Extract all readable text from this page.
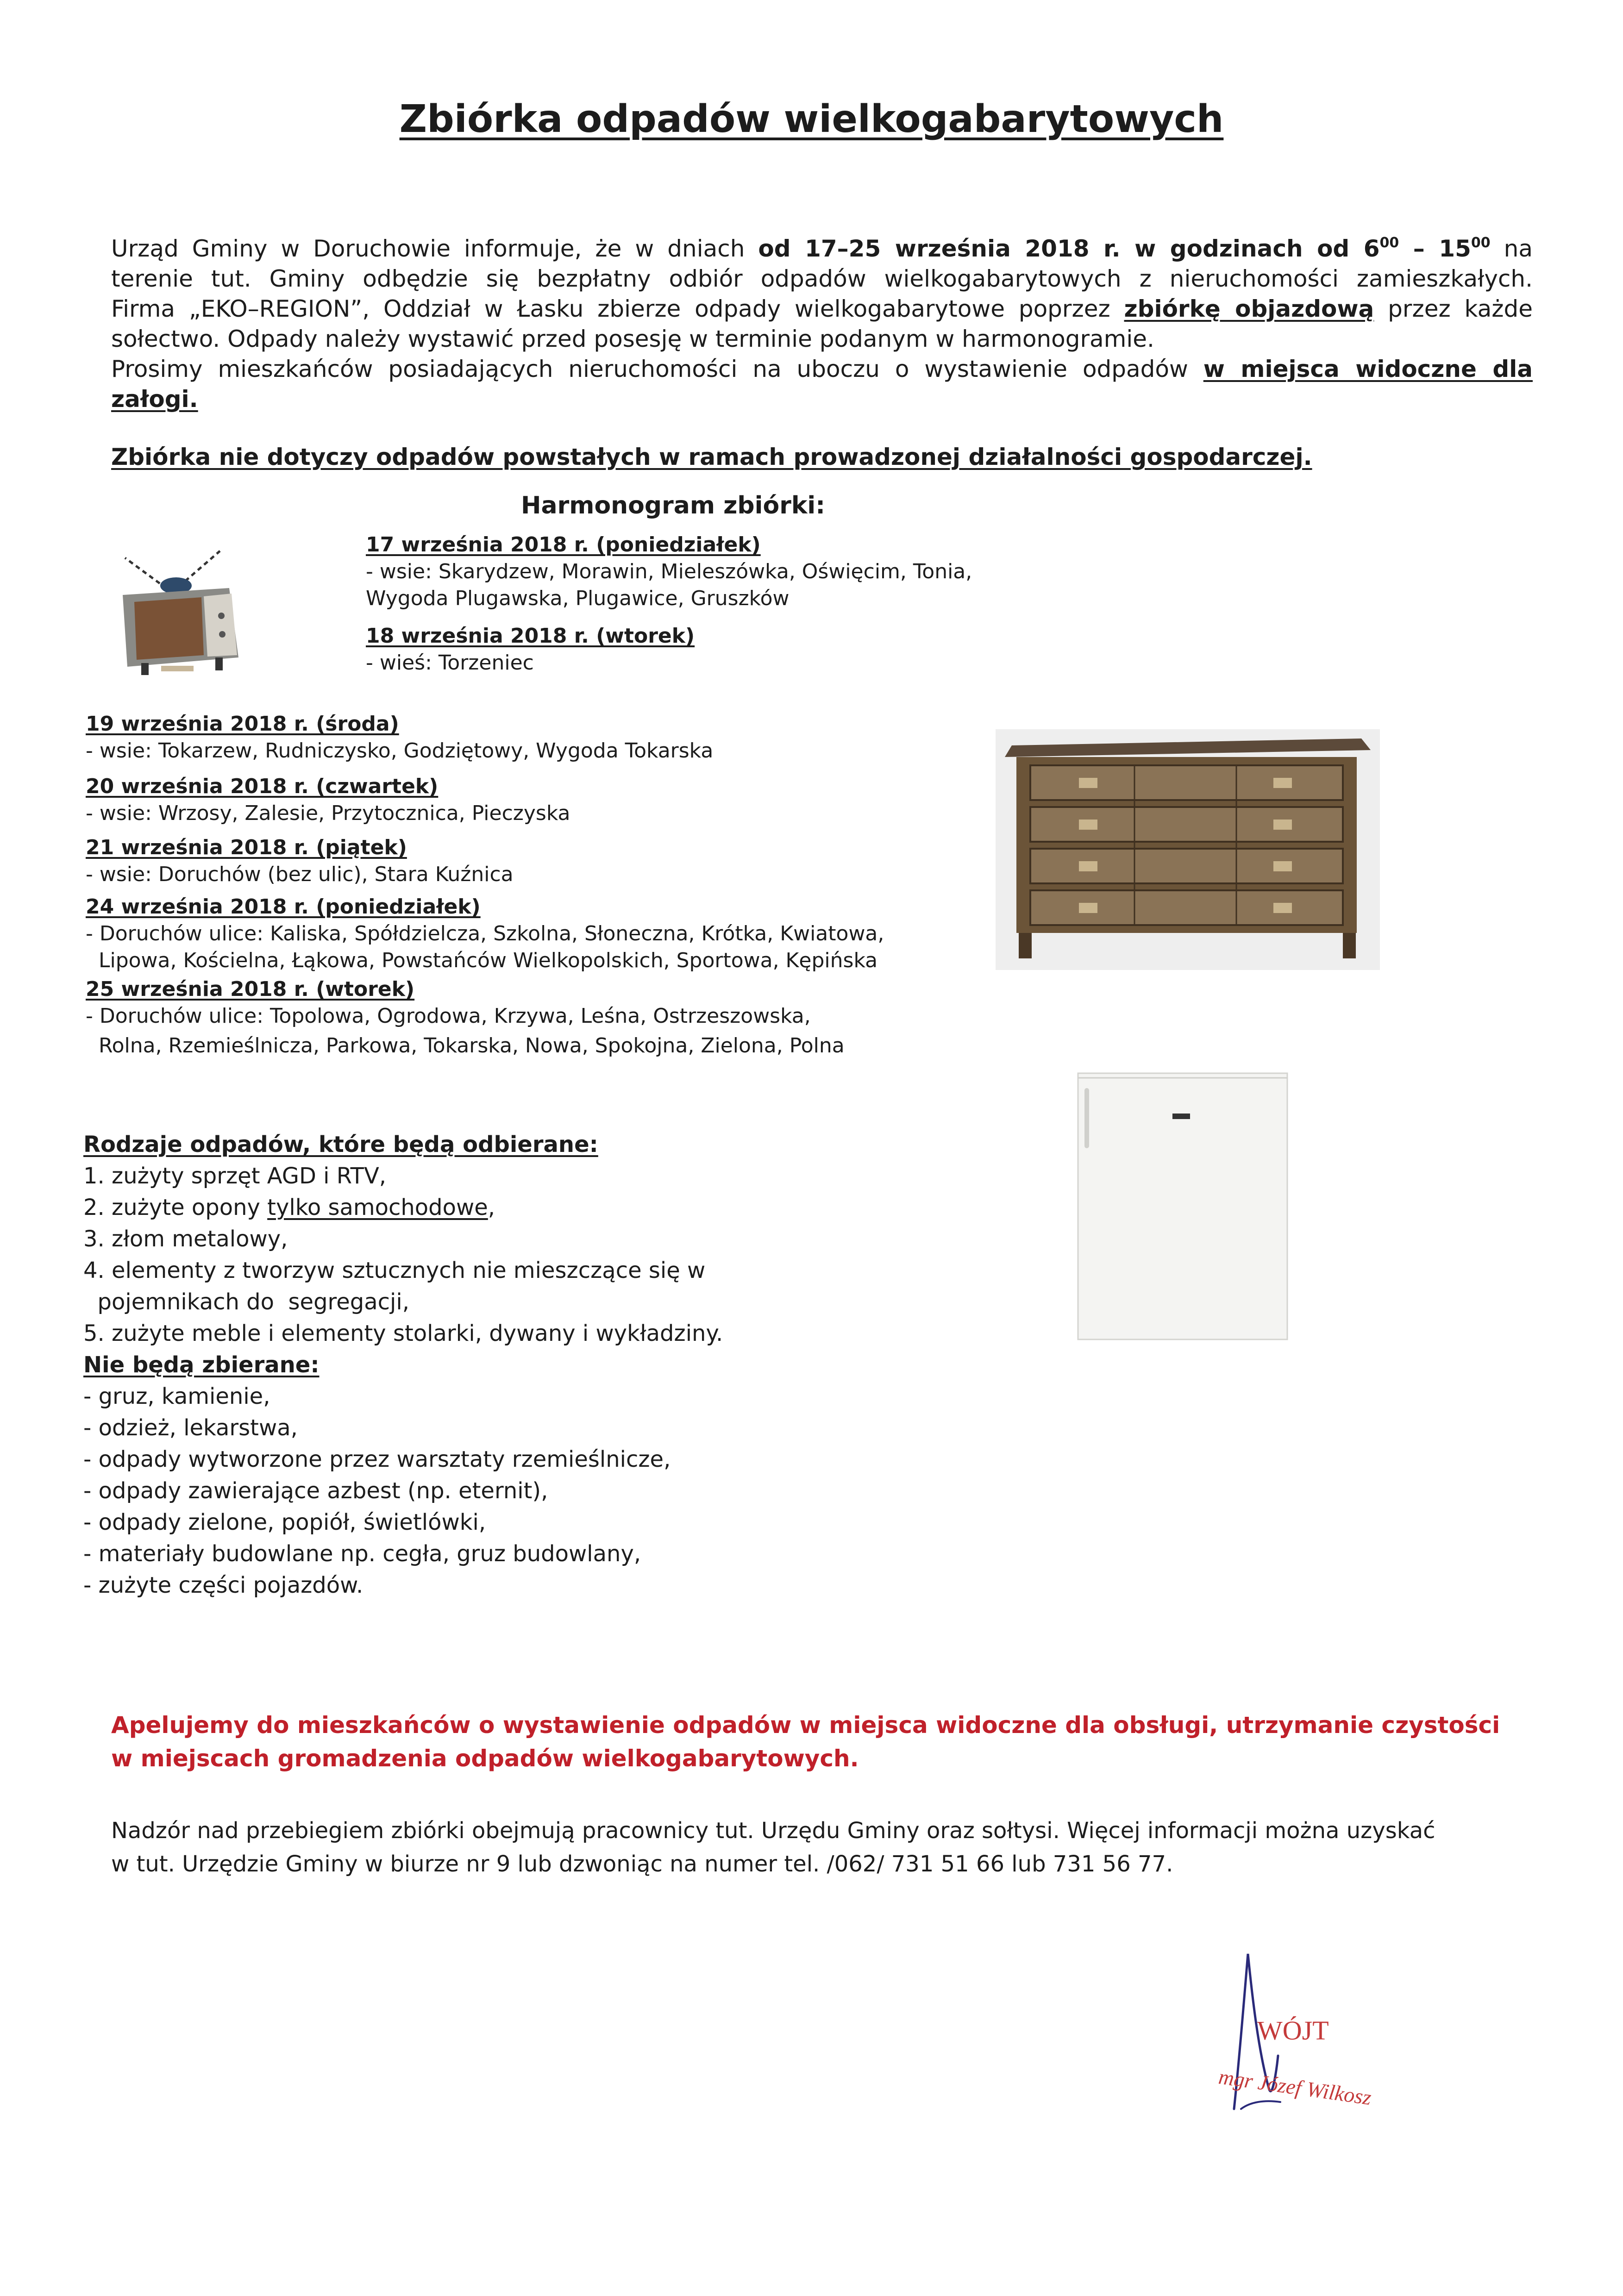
Zbiórka odpadów wielkogabarytowych

Urząd Gminy w Doruchowie informuje, że w dniach od 17–25 września 2018 r. w godzinach od $6^{00} - 15^{00}$ na

terenie tut. Gminy odbędzie się bezpłatny odbiór odpadów wielkogabarytowych z nieruchomości zamieszkałych.

Firma „EKO–REGION”, Oddział w Łasku zbierze odpady wielkogabarytowe poprzez zbiórkę objazdową przez każde

sołectwo. Odpady należy wystawić przed posesję w terminie podanym w harmonogramie.

Prosimy mieszkańców posiadających nieruchomości na uboczu o wystawienie odpadów w miejsca widoczne dla

załogi.

Zbiórka nie dotyczy odpadów powstałych w ramach prowadzonej działalności gospodarczej.
Harmonogram zbiórki:
17 września 2018 r. (poniedziałek)
- wsie: Skarydzew, Morawin, Mieleszówka, Oświęcim, Tonia,
Wygoda Plugawska, Plugawice, Gruszków
18 września 2018 r. (wtorek)
- wieś: Torzeniec
19 września 2018 r. (środa)
- wsie: Tokarzew, Rudniczysko, Godziętowy, Wygoda Tokarska
20 września 2018 r. (czwartek)
- wsie: Wrzosy, Zalesie, Przytocznica, Pieczyska
21 września 2018 r. (piątek)
- wsie: Doruchów (bez ulic), Stara Kuźnica
24 września 2018 r. (poniedziałek)
- Doruchów ulice: Kaliska, Spółdzielcza, Szkolna, Słoneczna, Krótka, Kwiatowa,
Lipowa, Kościelna, Łąkowa, Powstańców Wielkopolskich, Sportowa, Kępińska
25 września 2018 r. (wtorek)
- Doruchów ulice: Topolowa, Ogrodowa, Krzywa, Leśna, Ostrzeszowska,
Rolna, Rzemieślnicza, Parkowa, Tokarska, Nowa, Spokojna, Zielona, Polna
Rodzaje odpadów, które będą odbierane:
1. zużyty sprzęt AGD i RTV,
2. zużyte opony tylko samochodowe,
3. złom metalowy,
4. elementy z tworzyw sztucznych nie mieszczące się w
pojemnikach do  segregacji,
5. zużyte meble i elementy stolarki, dywany i wykładziny.
Nie będą zbierane:
- gruz, kamienie,
- odzież, lekarstwa,
- odpady wytworzone przez warsztaty rzemieślnicze,
- odpady zawierające azbest (np. eternit),
- odpady zielone, popiół, świetlówki,
- materiały budowlane np. cegła, gruz budowlany,
- zużyte części pojazdów.

Apelujemy do mieszkańców o wystawienie odpadów w miejsca widoczne dla obsługi, utrzymanie czystości

w miejscach gromadzenia odpadów wielkogabarytowych.

Nadzór nad przebiegiem zbiórki obejmują pracownicy tut. Urzędu Gminy oraz sołtysi. Więcej informacji można uzyskać

w tut. Urzędzie Gminy w biurze nr 9 lub dzwoniąc na numer tel. /062/ 731 51 66 lub 731 56 77.

WÓJT
mgr Józef Wilkosz
